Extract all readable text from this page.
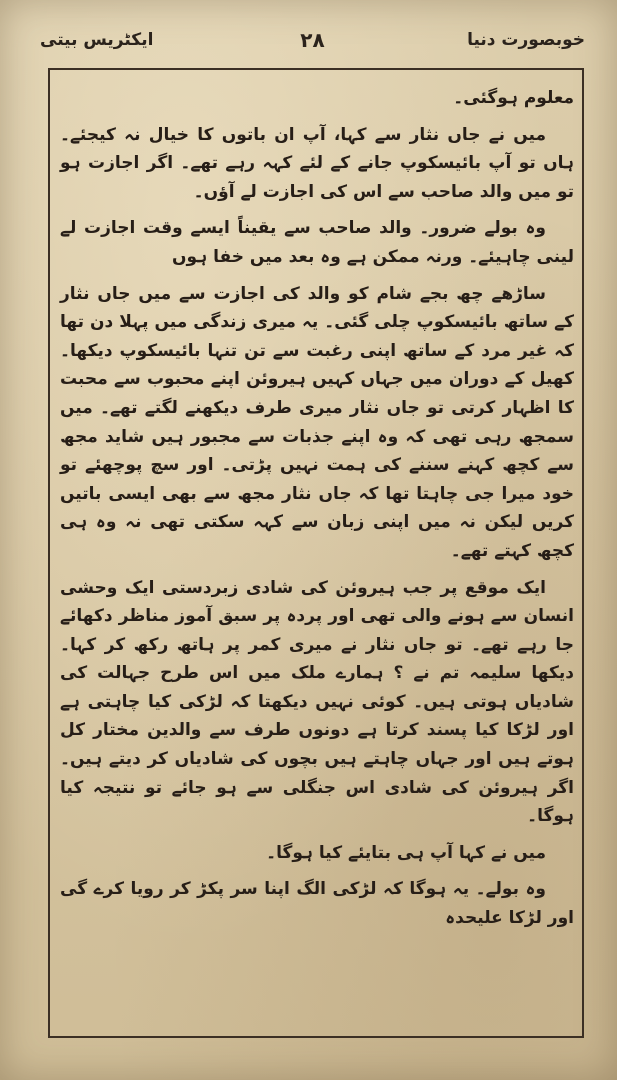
خوبصورت دنیا
۲۸
ایکٹریس بیتی

معلوم ہوگئی۔

میں نے جاں نثار سے کہا، آپ ان باتوں کا خیال نہ کیجئے۔ ہاں تو آپ بائیسکوپ جانے کے لئے کہہ رہے تھے۔ اگر اجازت ہو تو میں والد صاحب سے اس کی اجازت لے آؤں۔

وہ بولے ضرور۔ والد صاحب سے یقیناً ایسے وقت اجازت لے لینی چاہیئے۔ ورنہ ممکن ہے وہ بعد میں خفا ہوں

ساڑھے چھ بجے شام کو والد کی اجازت سے میں جاں نثار کے ساتھ بائیسکوپ چلی گئی۔ یہ میری زندگی میں پہلا دن تھا کہ غیر مرد کے ساتھ اپنی رغبت سے تن تنہا بائیسکوپ دیکھا۔ کھیل کے دوران میں جہاں کہیں ہیروئن اپنے محبوب سے محبت کا اظہار کرتی تو جاں نثار میری طرف دیکھنے لگتے تھے۔ میں سمجھ رہی تھی کہ وہ اپنے جذبات سے مجبور ہیں شاید مجھ سے کچھ کہنے سننے کی ہمت نہیں پڑتی۔ اور سچ پوچھئے تو خود میرا جی چاہتا تھا کہ جاں نثار مجھ سے بھی ایسی باتیں کریں لیکن نہ میں اپنی زبان سے کہہ سکتی تھی نہ وہ ہی کچھ کہتے تھے۔

ایک موقع پر جب ہیروئن کی شادی زبردستی ایک وحشی انسان سے ہونے والی تھی اور پردہ پر سبق آموز مناظر دکھائے جا رہے تھے۔ تو جاں نثار نے میری کمر پر ہاتھ رکھ کر کہا۔ دیکھا سلیمہ تم نے ؟ ہمارے ملک میں اس طرح جہالت کی شادیاں ہوتی ہیں۔ کوئی نہیں دیکھتا کہ لڑکی کیا چاہتی ہے اور لڑکا کیا پسند کرتا ہے دونوں طرف سے والدین مختار کل ہوتے ہیں اور جہاں چاہتے ہیں بچوں کی شادیاں کر دیتے ہیں۔ اگر ہیروئن کی شادی اس جنگلی سے ہو جائے تو نتیجہ کیا ہوگا۔

میں نے کہا آپ ہی بتایئے کیا ہوگا۔

وہ بولے۔ یہ ہوگا کہ لڑکی الگ اپنا سر پکڑ کر رویا کرے گی اور لڑکا علیحدہ
